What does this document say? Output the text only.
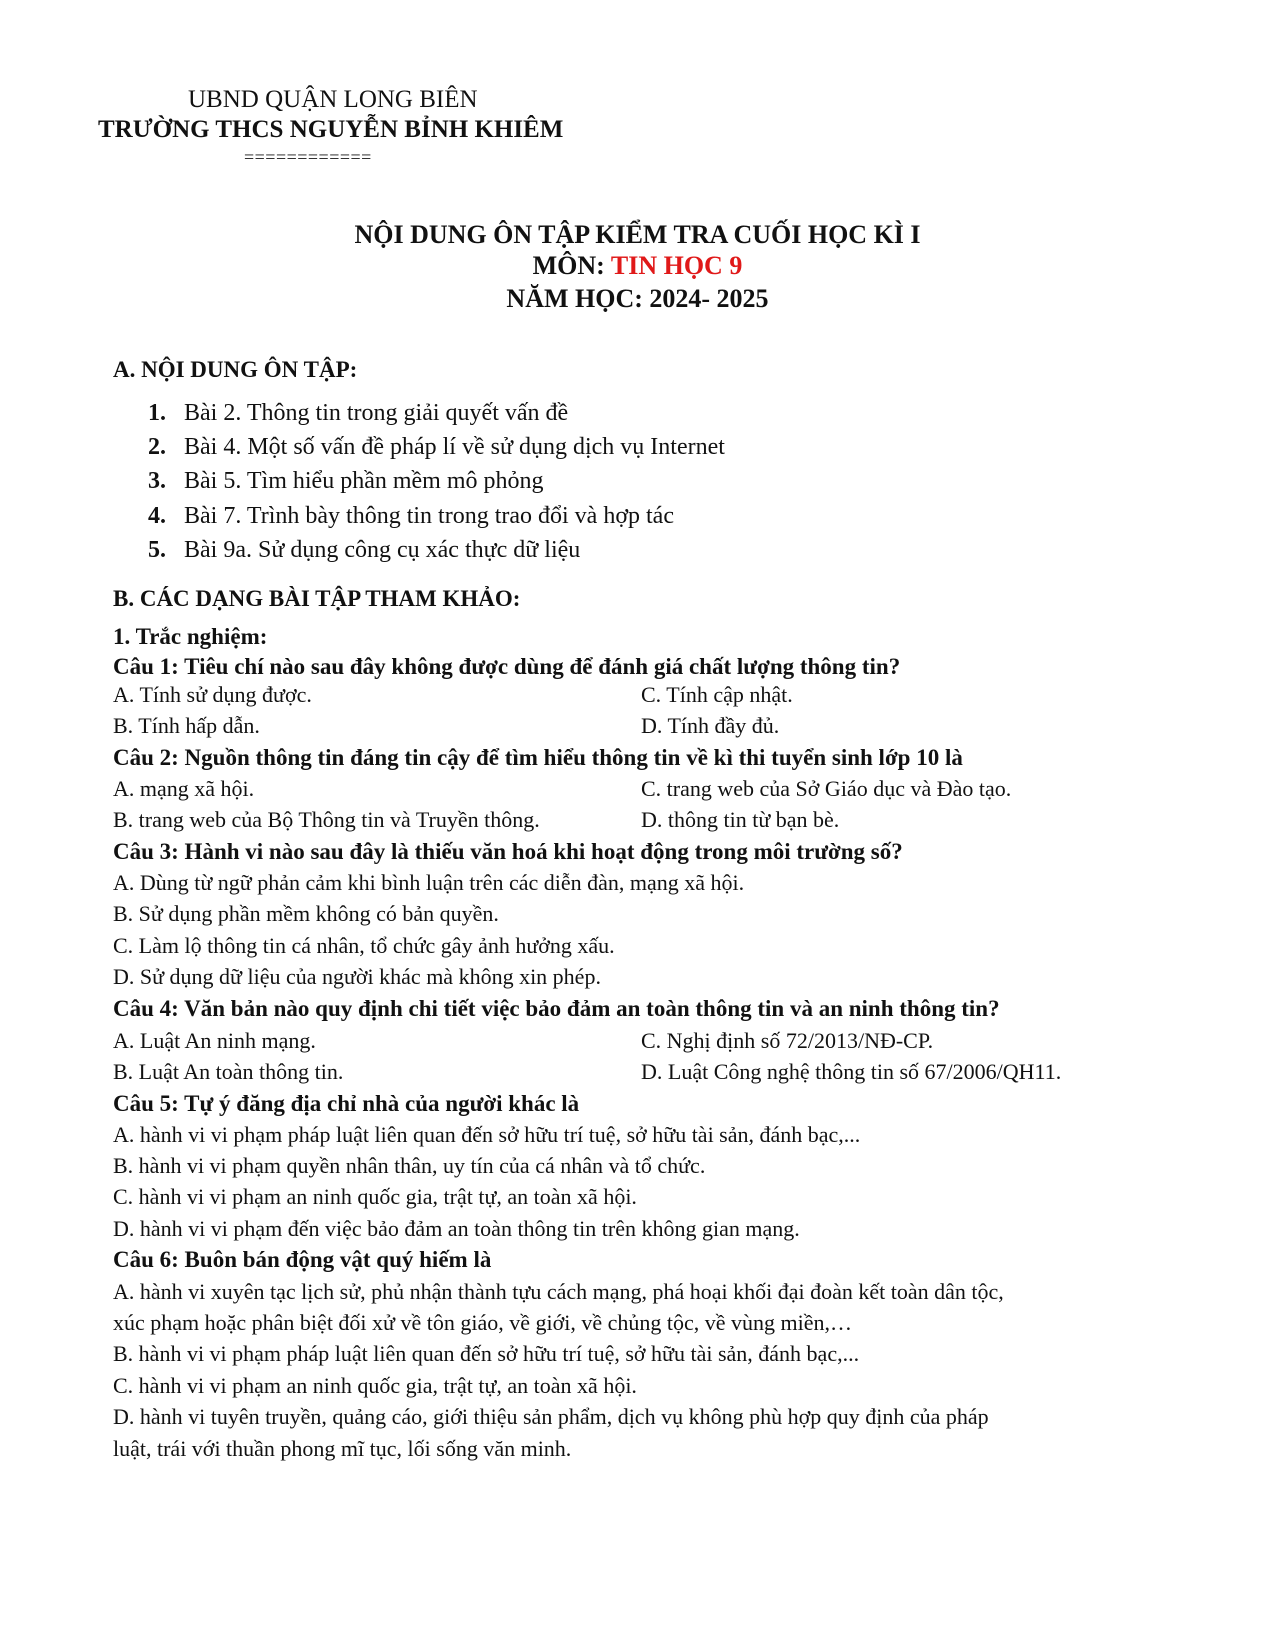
UBND QUẬN LONG BIÊN
TRƯỜNG THCS NGUYỄN BỈNH KHIÊM
============
NỘI DUNG ÔN TẬP KIỂM TRA CUỐI HỌC KÌ I
MÔN: TIN HỌC 9
NĂM HỌC: 2024- 2025
A. NỘI DUNG ÔN TẬP:
1. Bài 2. Thông tin trong giải quyết vấn đề
2. Bài 4. Một số vấn đề pháp lí về sử dụng dịch vụ Internet
3. Bài 5. Tìm hiểu phần mềm mô phỏng
4. Bài 7. Trình bày thông tin trong trao đổi và hợp tác
5. Bài 9a. Sử dụng công cụ xác thực dữ liệu
B. CÁC DẠNG BÀI TẬP THAM KHẢO:
1. Trắc nghiệm:
Câu 1: Tiêu chí nào sau đây không được dùng để đánh giá chất lượng thông tin?
A. Tính sử dụng được.	C. Tính cập nhật.
B. Tính hấp dẫn.	D. Tính đầy đủ.
Câu 2: Nguồn thông tin đáng tin cậy để tìm hiểu thông tin về kì thi tuyển sinh lớp 10 là
A. mạng xã hội.	C. trang web của Sở Giáo dục và Đào tạo.
B. trang web của Bộ Thông tin và Truyền thông.	D. thông tin từ bạn bè.
Câu 3: Hành vi nào sau đây là thiếu văn hoá khi hoạt động trong môi trường số?
A. Dùng từ ngữ phản cảm khi bình luận trên các diễn đàn, mạng xã hội.
B. Sử dụng phần mềm không có bản quyền.
C. Làm lộ thông tin cá nhân, tổ chức gây ảnh hưởng xấu.
D. Sử dụng dữ liệu của người khác mà không xin phép.
Câu 4: Văn bản nào quy định chi tiết việc bảo đảm an toàn thông tin và an ninh thông tin?
A. Luật An ninh mạng.	C. Nghị định số 72/2013/NĐ-CP.
B. Luật An toàn thông tin.	D. Luật Công nghệ thông tin số 67/2006/QH11.
Câu 5: Tự ý đăng địa chỉ nhà của người khác là
A. hành vi vi phạm pháp luật liên quan đến sở hữu trí tuệ, sở hữu tài sản, đánh bạc,...
B. hành vi vi phạm quyền nhân thân, uy tín của cá nhân và tổ chức.
C. hành vi vi phạm an ninh quốc gia, trật tự, an toàn xã hội.
D. hành vi vi phạm đến việc bảo đảm an toàn thông tin trên không gian mạng.
Câu 6: Buôn bán động vật quý hiếm là
A. hành vi xuyên tạc lịch sử, phủ nhận thành tựu cách mạng, phá hoại khối đại đoàn kết toàn dân tộc,
xúc phạm hoặc phân biệt đối xử về tôn giáo, về giới, về chủng tộc, về vùng miền,…
B. hành vi vi phạm pháp luật liên quan đến sở hữu trí tuệ, sở hữu tài sản, đánh bạc,...
C. hành vi vi phạm an ninh quốc gia, trật tự, an toàn xã hội.
D. hành vi tuyên truyền, quảng cáo, giới thiệu sản phẩm, dịch vụ không phù hợp quy định của pháp
luật, trái với thuần phong mĩ tục, lối sống văn minh.
